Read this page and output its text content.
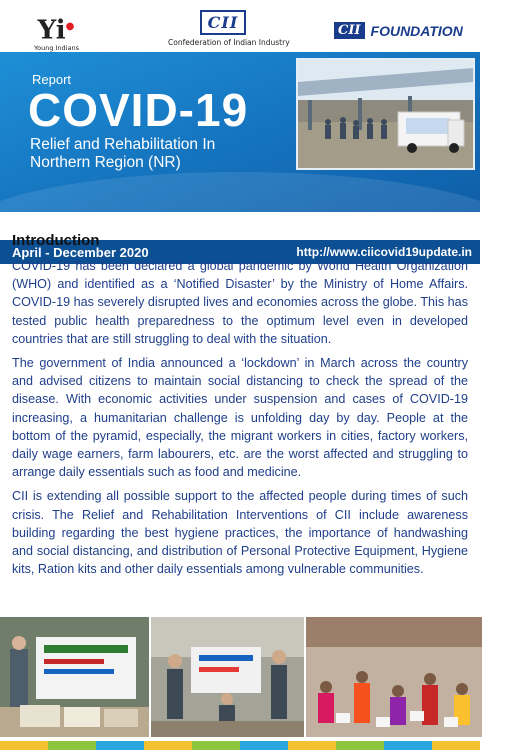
Yi●
Young Indians
CII
Confederation of Indian Industry
CII FOUNDATION
Report
COVID-19
Relief and Rehabilitation In Northern Region (NR)
April - December 2020	http://www.ciicovid19update.in
Introduction

COVID-19 has been declared a global pandemic by World Health Organization (WHO) and identified as a ‘Notified Disaster’ by the Ministry of Home Affairs. COVID-19 has severely disrupted lives and economies across the globe. This has tested public health preparedness to the optimum level even in developed countries that are still struggling to deal with the situation.

The government of India announced a ‘lockdown’ in March across the country and advised citizens to maintain social distancing to check the spread of the disease. With economic activities under suspension and cases of COVID-19 increasing, a humanitarian challenge is unfolding day by day. People at the bottom of the pyramid, especially, the migrant workers in cities, factory workers, daily wage earners, farm labourers, etc. are the worst affected and struggling to arrange daily essentials such as food and medicine.

CII is extending all possible support to the affected people during times of such crisis. The Relief and Rehabilitation Interventions of CII include awareness building regarding the best hygiene practices, the importance of handwashing and social distancing, and distribution of Personal Protective Equipment, Hygiene kits, Ration kits and other daily essentials among vulnerable communities.
